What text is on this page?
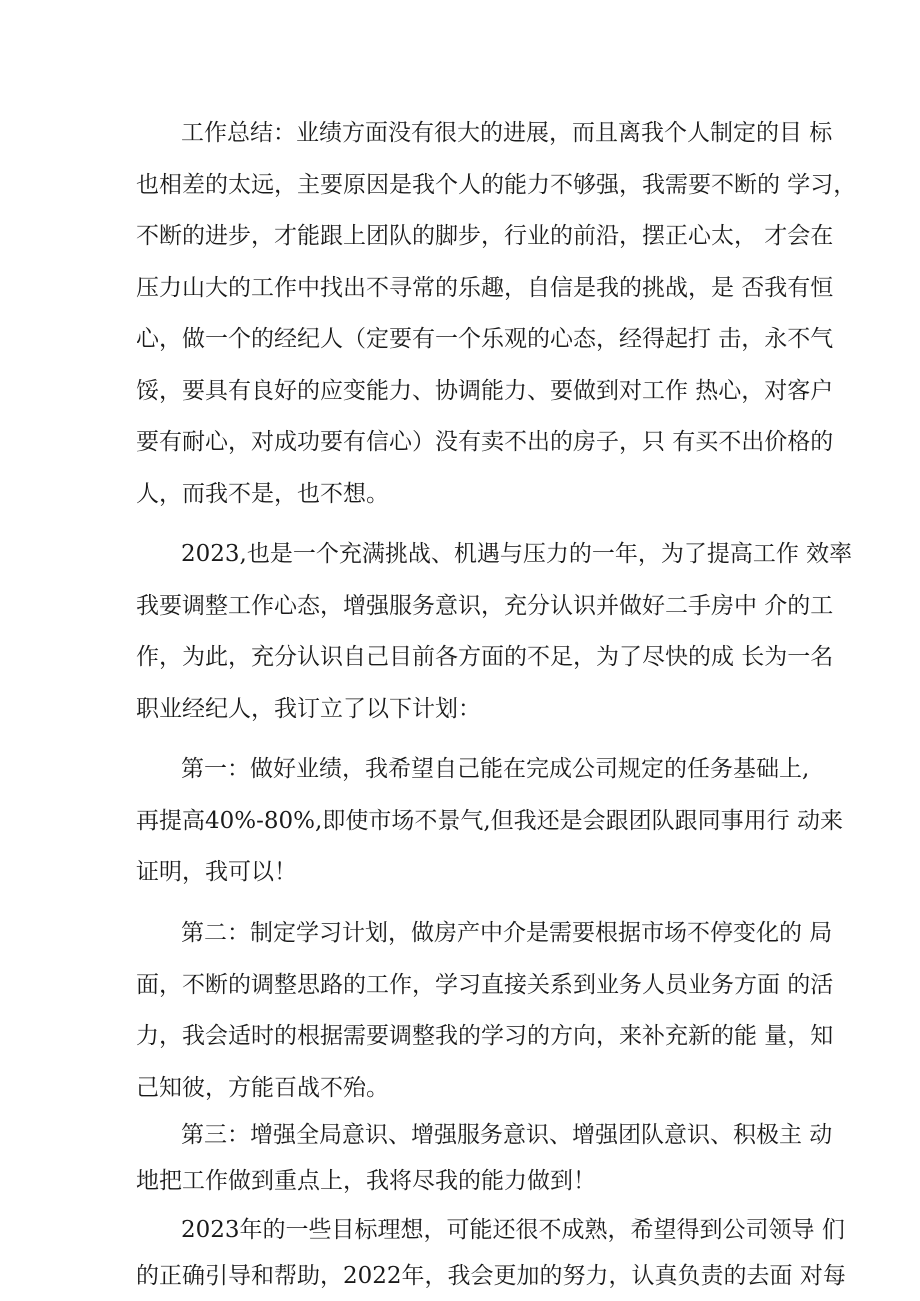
工作总结：业绩方面没有很大的进展，而且离我个人制定的目 标

也相差的太远，主要原因是我个人的能力不够强，我需要不断的 学习，

不断的进步，才能跟上团队的脚步，行业的前沿，摆正心太， 才会在

压力山大的工作中找出不寻常的乐趣，自信是我的挑战，是 否我有恒

心，做一个的经纪人（定要有一个乐观的心态，经得起打 击，永不气

馁，要具有良好的应变能力、协调能力、要做到对工作 热心，对客户

要有耐心，对成功要有信心）没有卖不出的房子，只 有买不出价格的

人，而我不是，也不想。

2023,也是一个充满挑战、机遇与压力的一年，为了提高工作 效率

我要调整工作心态，增强服务意识，充分认识并做好二手房中 介的工

作，为此，充分认识自己目前各方面的不足，为了尽快的成 长为一名

职业经纪人，我订立了以下计划：

第一：做好业绩，我希望自己能在完成公司规定的任务基础上,

再提高40%-80%,即使市场不景气,但我还是会跟团队跟同事用行 动来

证明，我可以！

第二：制定学习计划，做房产中介是需要根据市场不停变化的 局

面，不断的调整思路的工作，学习直接关系到业务人员业务方面 的活

力，我会适时的根据需要调整我的学习的方向，来补充新的能 量，知

己知彼，方能百战不殆。

第三：增强全局意识、增强服务意识、增强团队意识、积极主 动

地把工作做到重点上，我将尽我的能力做到！

2023年的一些目标理想，可能还很不成熟，希望得到公司领导 们

的正确引导和帮助，2022年，我会更加的努力，认真负责的去面 对每
